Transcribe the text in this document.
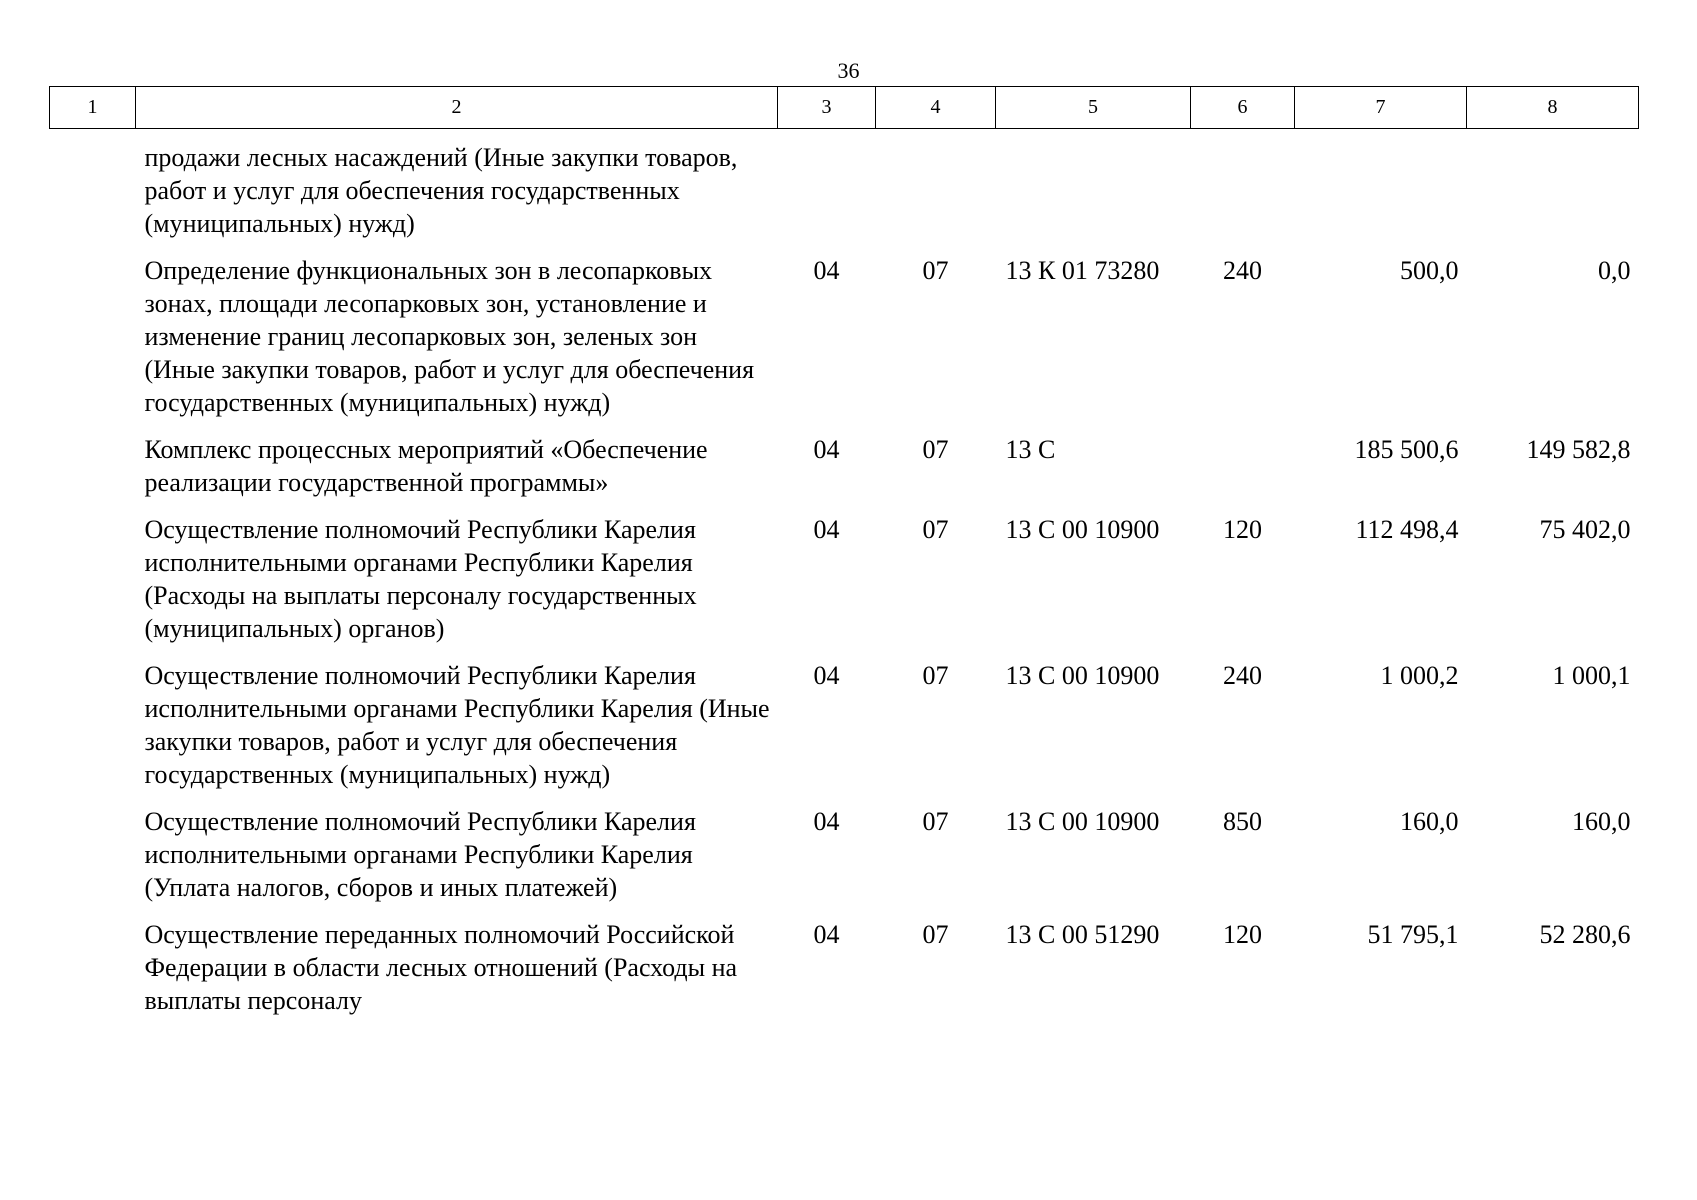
36
1	2	3	4	5	6	7	8
	продажи лесных насаждений (Иные закупки товаров, работ и услуг для обеспечения государственных (муниципальных) нужд)						
	Определение функциональных зон в лесопарковых зонах, площади лесопарковых зон, установление и изменение границ лесопарковых зон, зеленых зон (Иные закупки товаров, работ и услуг для обеспечения государственных (муниципальных) нужд)	04	07	13 К 01 73280	240	500,0	0,0
	Комплекс процессных мероприятий «Обеспечение реализации государственной программы»	04	07	13 С		185 500,6	149 582,8
	Осуществление полномочий Республики Карелия исполнительными органами Республики Карелия (Расходы на выплаты персоналу государственных (муниципальных) органов)	04	07	13 С 00 10900	120	112 498,4	75 402,0
	Осуществление полномочий Республики Карелия исполнительными органами Республики Карелия (Иные закупки товаров, работ и услуг для обеспечения государственных (муниципальных) нужд)	04	07	13 С 00 10900	240	1 000,2	1 000,1
	Осуществление полномочий Республики Карелия исполнительными органами Республики Карелия (Уплата налогов, сборов и иных платежей)	04	07	13 С 00 10900	850	160,0	160,0
	Осуществление переданных полномочий Российской Федерации в области лесных отношений (Расходы на выплаты персоналу	04	07	13 С 00 51290	120	51 795,1	52 280,6
